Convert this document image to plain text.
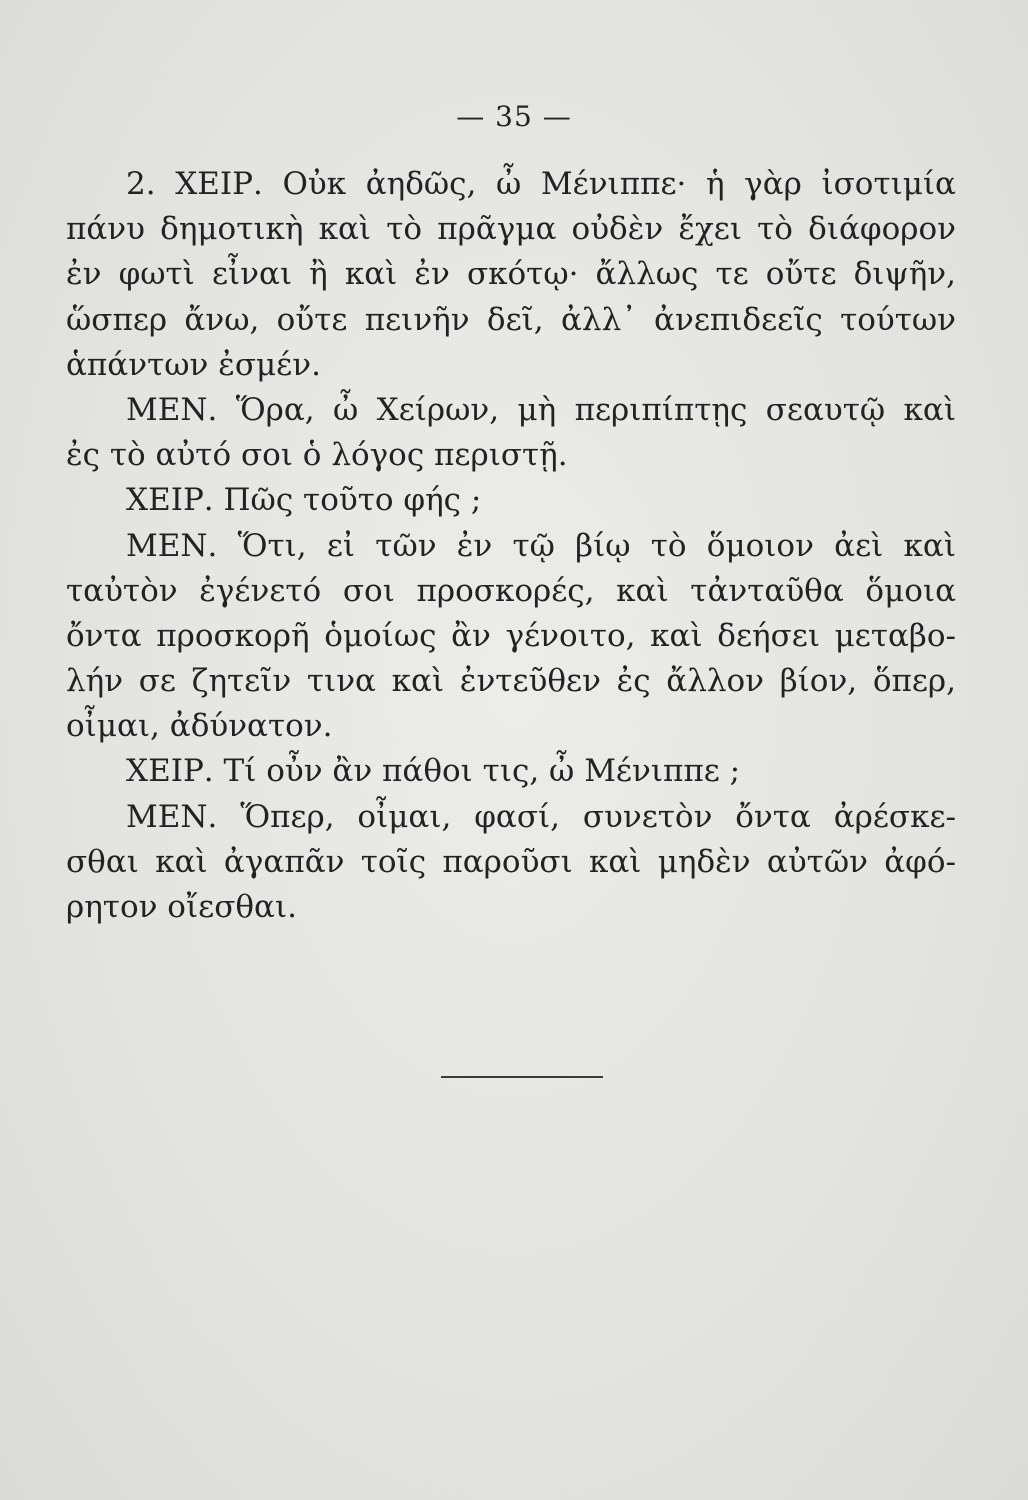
— 35 —
2. ΧΕΙΡ. Οὐκ ἀηδῶς, ὦ Μένιππε· ἡ γὰρ ἰσοτιμία
πάνυ δημοτικὴ καὶ τὸ πρᾶγμα οὐδὲν ἔχει τὸ διάφορον
ἐν φωτὶ εἶναι ἢ καὶ ἐν σκότῳ· ἄλλως τε οὔτε διψῆν,
ὥσπερ ἄνω, οὔτε πεινῆν δεῖ, ἀλλ᾽ ἀνεπιδεεῖς τούτων
ἁπάντων ἐσμέν.
ΜΕΝ. Ὅρα, ὦ Χείρων, μὴ περιπίπτῃς σεαυτῷ καὶ
ἐς τὸ αὐτό σοι ὁ λόγος περιστῇ.
ΧΕΙΡ. Πῶς τοῦτο φής ;
ΜΕΝ. Ὅτι, εἰ τῶν ἐν τῷ βίῳ τὸ ὅμοιον ἀεὶ καὶ
ταὐτὸν ἐγένετό σοι προσκορές, καὶ τἀνταῦθα ὅμοια
ὄντα προσκορῆ ὁμοίως ἂν γένοιτο, καὶ δεήσει μεταβο-
λήν σε ζητεῖν τινα καὶ ἐντεῦθεν ἐς ἄλλον βίον, ὅπερ,
οἶμαι, ἀδύνατον.
ΧΕΙΡ. Τί οὖν ἂν πάθοι τις, ὦ Μένιππε ;
ΜΕΝ. Ὅπερ, οἶμαι, φασί, συνετὸν ὄντα ἀρέσκε-
σθαι καὶ ἀγαπᾶν τοῖς παροῦσι καὶ μηδὲν αὐτῶν ἀφό-
ρητον οἴεσθαι.
